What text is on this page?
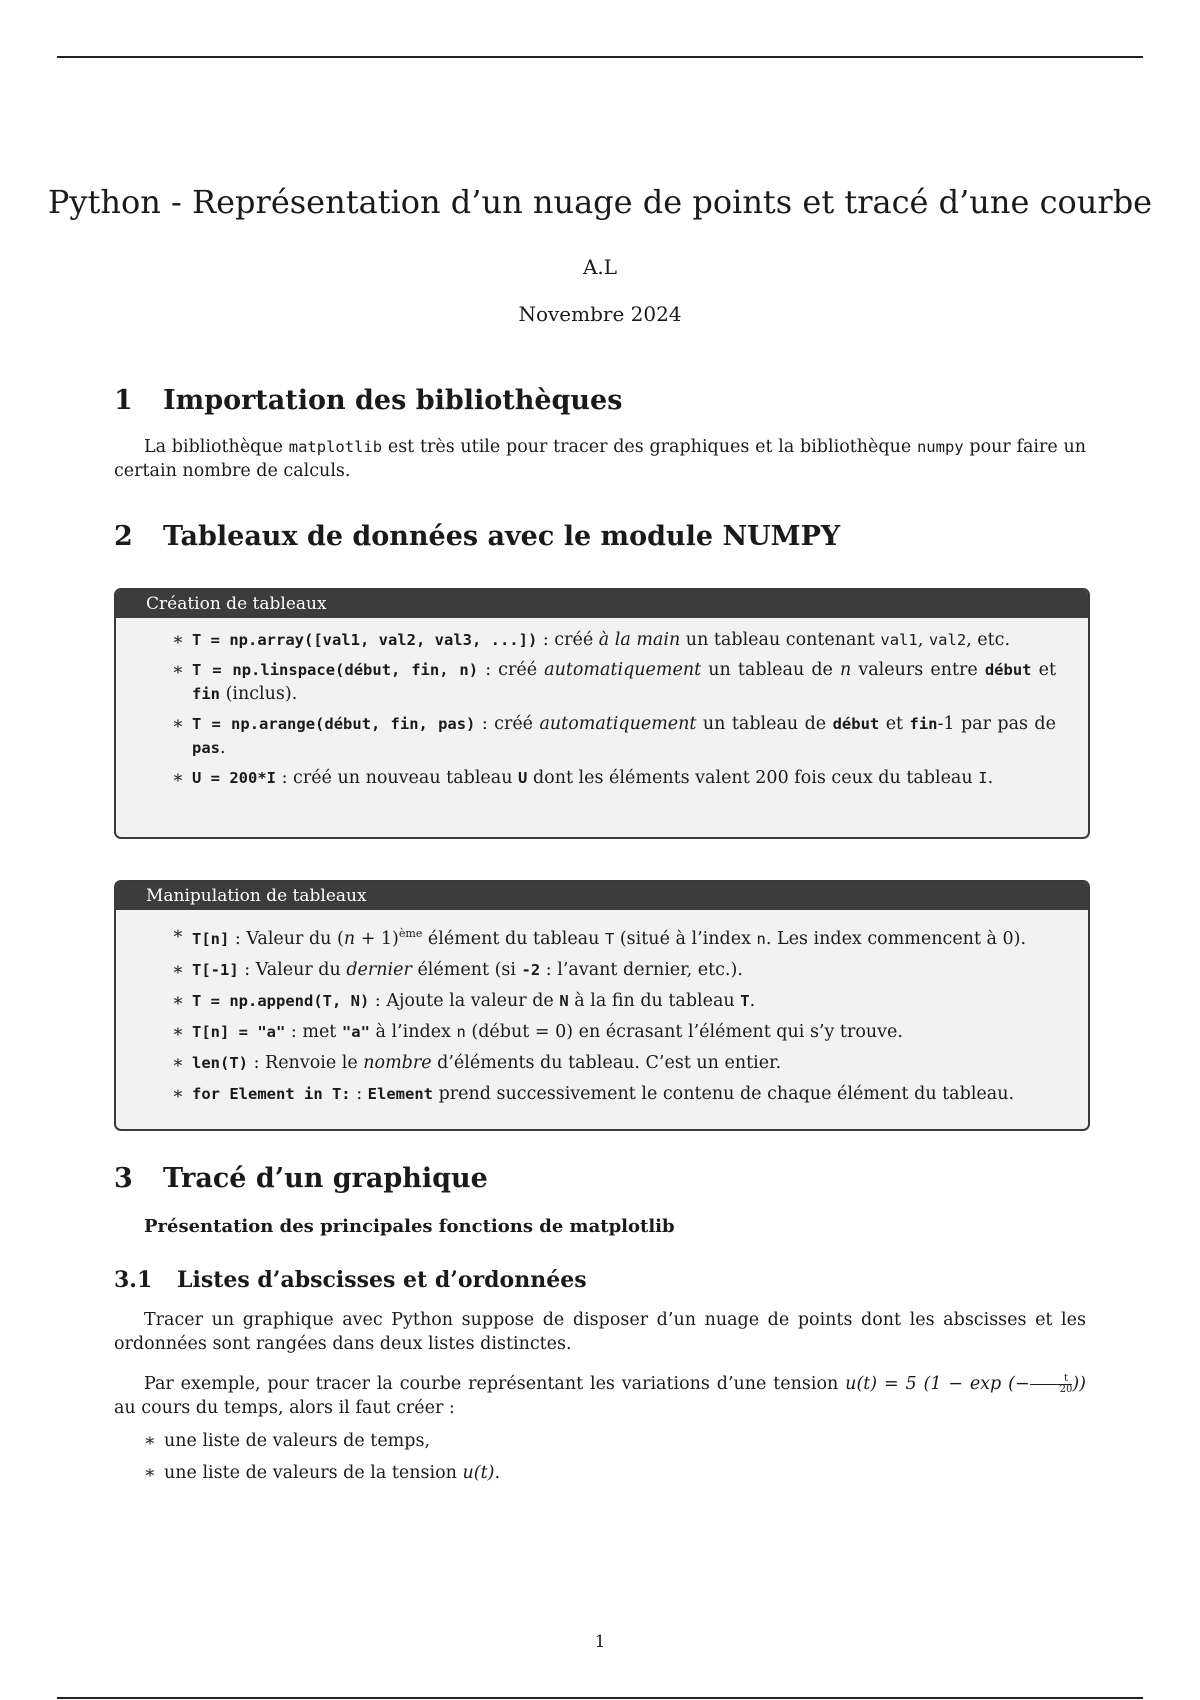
Python - Représentation d’un nuage de points et tracé d’une courbe
A.L
Novembre 2024
1 Importation des bibliothèques

La bibliothèque matplotlib est très utile pour tracer des graphiques et la bibliothèque numpy pour faire un certain nombre de calculs.

2 Tableaux de données avec le module NUMPY
Création de tableaux
∗ T = np.array([val1, val2, val3, ...]) : créé à la main un tableau contenant val1, val2, etc.
∗ T = np.linspace(début, fin, n) : créé automatiquement un tableau de n valeurs entre début et fin (inclus).
∗ T = np.arange(début, fin, pas) : créé automatiquement un tableau de début et fin-1 par pas de pas.
∗ U = 200*I : créé un nouveau tableau U dont les éléments valent 200 fois ceux du tableau I.
Manipulation de tableaux
∗ T[n] : Valeur du $(n + 1)^{ème}$ élément du tableau T (situé à l’index n. Les index commencent à 0).
∗ T[-1] : Valeur du dernier élément (si -2 : l’avant dernier, etc.).
∗ T = np.append(T, N) : Ajoute la valeur de N à la fin du tableau T.
∗ T[n] = "a" : met "a" à l’index n (début = 0) en écrasant l’élément qui s’y trouve.
∗ len(T) : Renvoie le nombre d’éléments du tableau. C’est un entier.
∗ for Element in T: : Element prend successivement le contenu de chaque élément du tableau.
3 Tracé d’un graphique

Présentation des principales fonctions de matplotlib

3.1 Listes d’abscisses et d’ordonnées

Tracer un graphique avec Python suppose de disposer d’un nuage de points dont les abscisses et les ordonnées sont rangées dans deux listes distinctes.

Par exemple, pour tracer la courbe représentant les variations d’une tension u(t) = 5 (1 − exp (− $\frac{t}{20}$ )) au cours du temps, alors il faut créer :

∗ une liste de valeurs de temps,
∗ une liste de valeurs de la tension u(t).
1
